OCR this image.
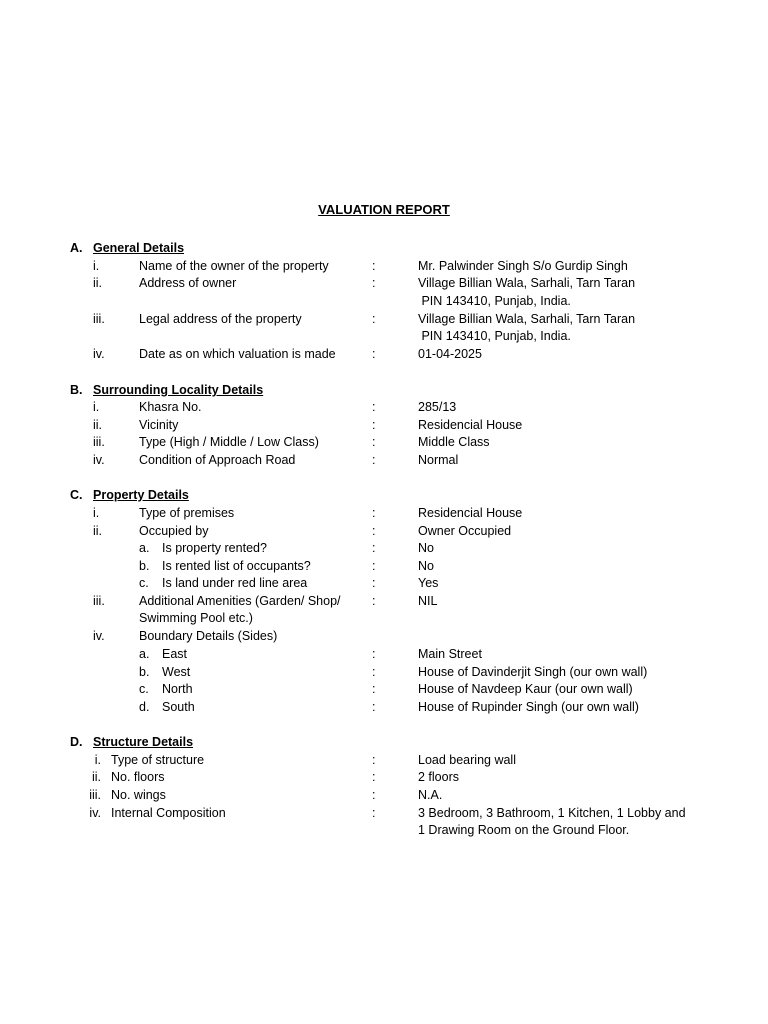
VALUATION REPORT
A. General Details
i.	Name of the owner of the property	:	Mr. Palwinder Singh S/o Gurdip Singh
ii.	Address of owner	:	Village Billian Wala, Sarhali, Tarn Taran
PIN 143410, Punjab, India.
iii.	Legal address of the property	:	Village Billian Wala, Sarhali, Tarn Taran
PIN 143410, Punjab, India.
iv.	Date as on which valuation is made	:	01-04-2025
B. Surrounding Locality Details
i.	Khasra No.	:	285/13
ii.	Vicinity	:	Residencial House
iii.	Type (High / Middle / Low Class)	:	Middle Class
iv.	Condition of Approach Road	:	Normal
C. Property Details
i.	Type of premises	:	Residencial House
ii.	Occupied by	:	Owner Occupied
a. Is property rented?	:	No
b. Is rented list of occupants?	:	No
c. Is land under red line area	:	Yes
iii.	Additional Amenities (Garden/ Shop/	:	NIL
Swimming Pool etc.)
iv.	Boundary Details (Sides)
a. East	:	Main Street
b. West	:	House of Davinderjit Singh (our own wall)
c. North	:	House of Navdeep Kaur (our own wall)
d. South	:	House of Rupinder Singh (our own wall)
D. Structure Details
i. Type of structure	:	Load bearing wall
ii. No. floors	:	2 floors
iii. No. wings	:	N.A.
iv. Internal Composition	:	3 Bedroom, 3 Bathroom, 1 Kitchen, 1 Lobby and
1 Drawing Room on the Ground Floor.
